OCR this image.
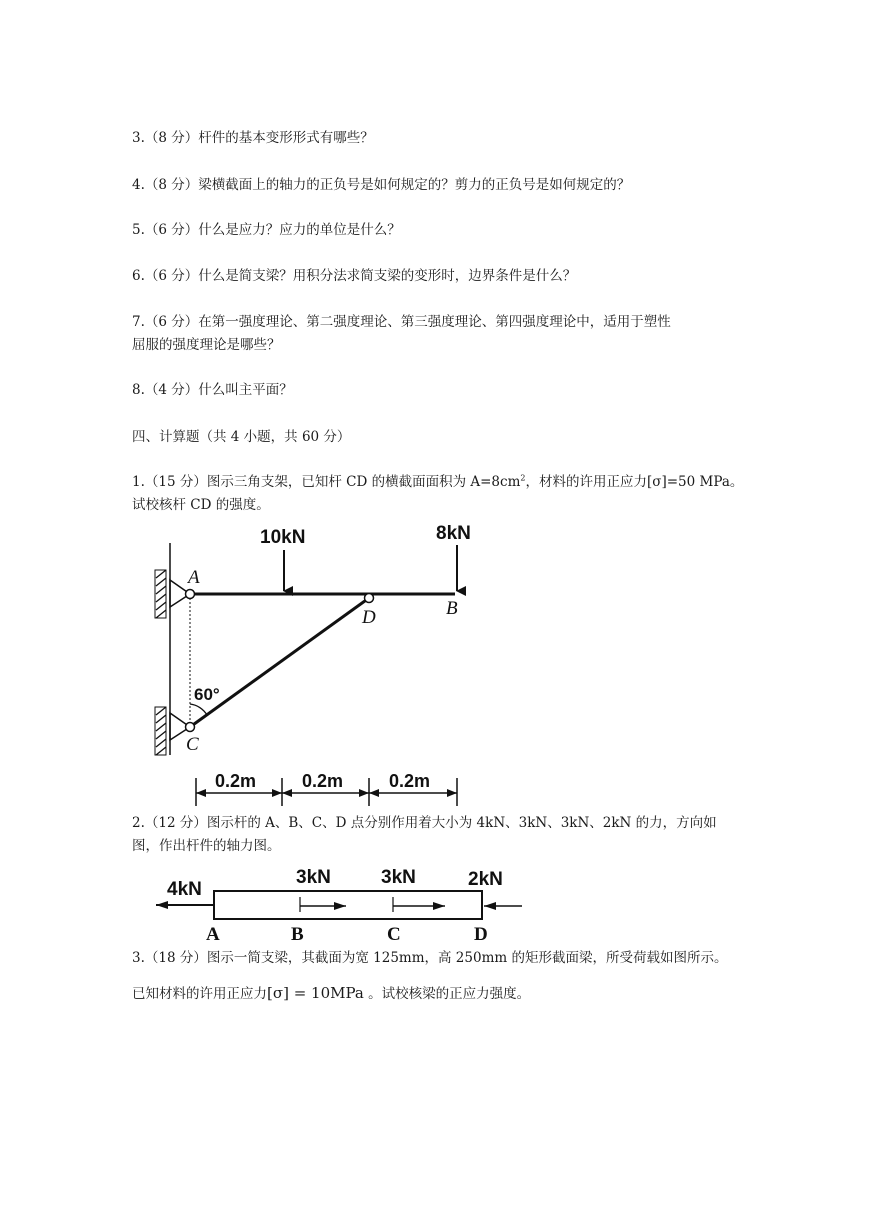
3.（8 分）杆件的基本变形形式有哪些？
4.（8 分）梁横截面上的轴力的正负号是如何规定的？剪力的正负号是如何规定的？
5.（6 分）什么是应力？应力的单位是什么？
6.（6 分）什么是简支梁？用积分法求简支梁的变形时，边界条件是什么？
7.（6 分）在第一强度理论、第二强度理论、第三强度理论、第四强度理论中，适用于塑性
屈服的强度理论是哪些？
8.（4 分）什么叫主平面？
四、计算题（共 4 小题，共 60 分）
1.（15 分）图示三角支架，已知杆 CD 的横截面面积为 $A=8cm^2$，材料的许用正应力[σ]=50 MPa。
试校核杆 CD 的强度。
10kN	8kN
A
B
C
D
60°
0.2m	0.2m	0.2m
2.（12 分）图示杆的 A、B、C、D 点分别作用着大小为 4kN、3kN、3kN、2kN 的力，方向如
图，作出杆件的轴力图。
4kN
3kN	3kN	2kN
A	B	C	D
3.（18 分）图示一简支梁，其截面为宽 125mm，高 250mm 的矩形截面梁，所受荷载如图所示。
已知材料的许用正应力[σ] = 10MPa 。试校核梁的正应力强度。
